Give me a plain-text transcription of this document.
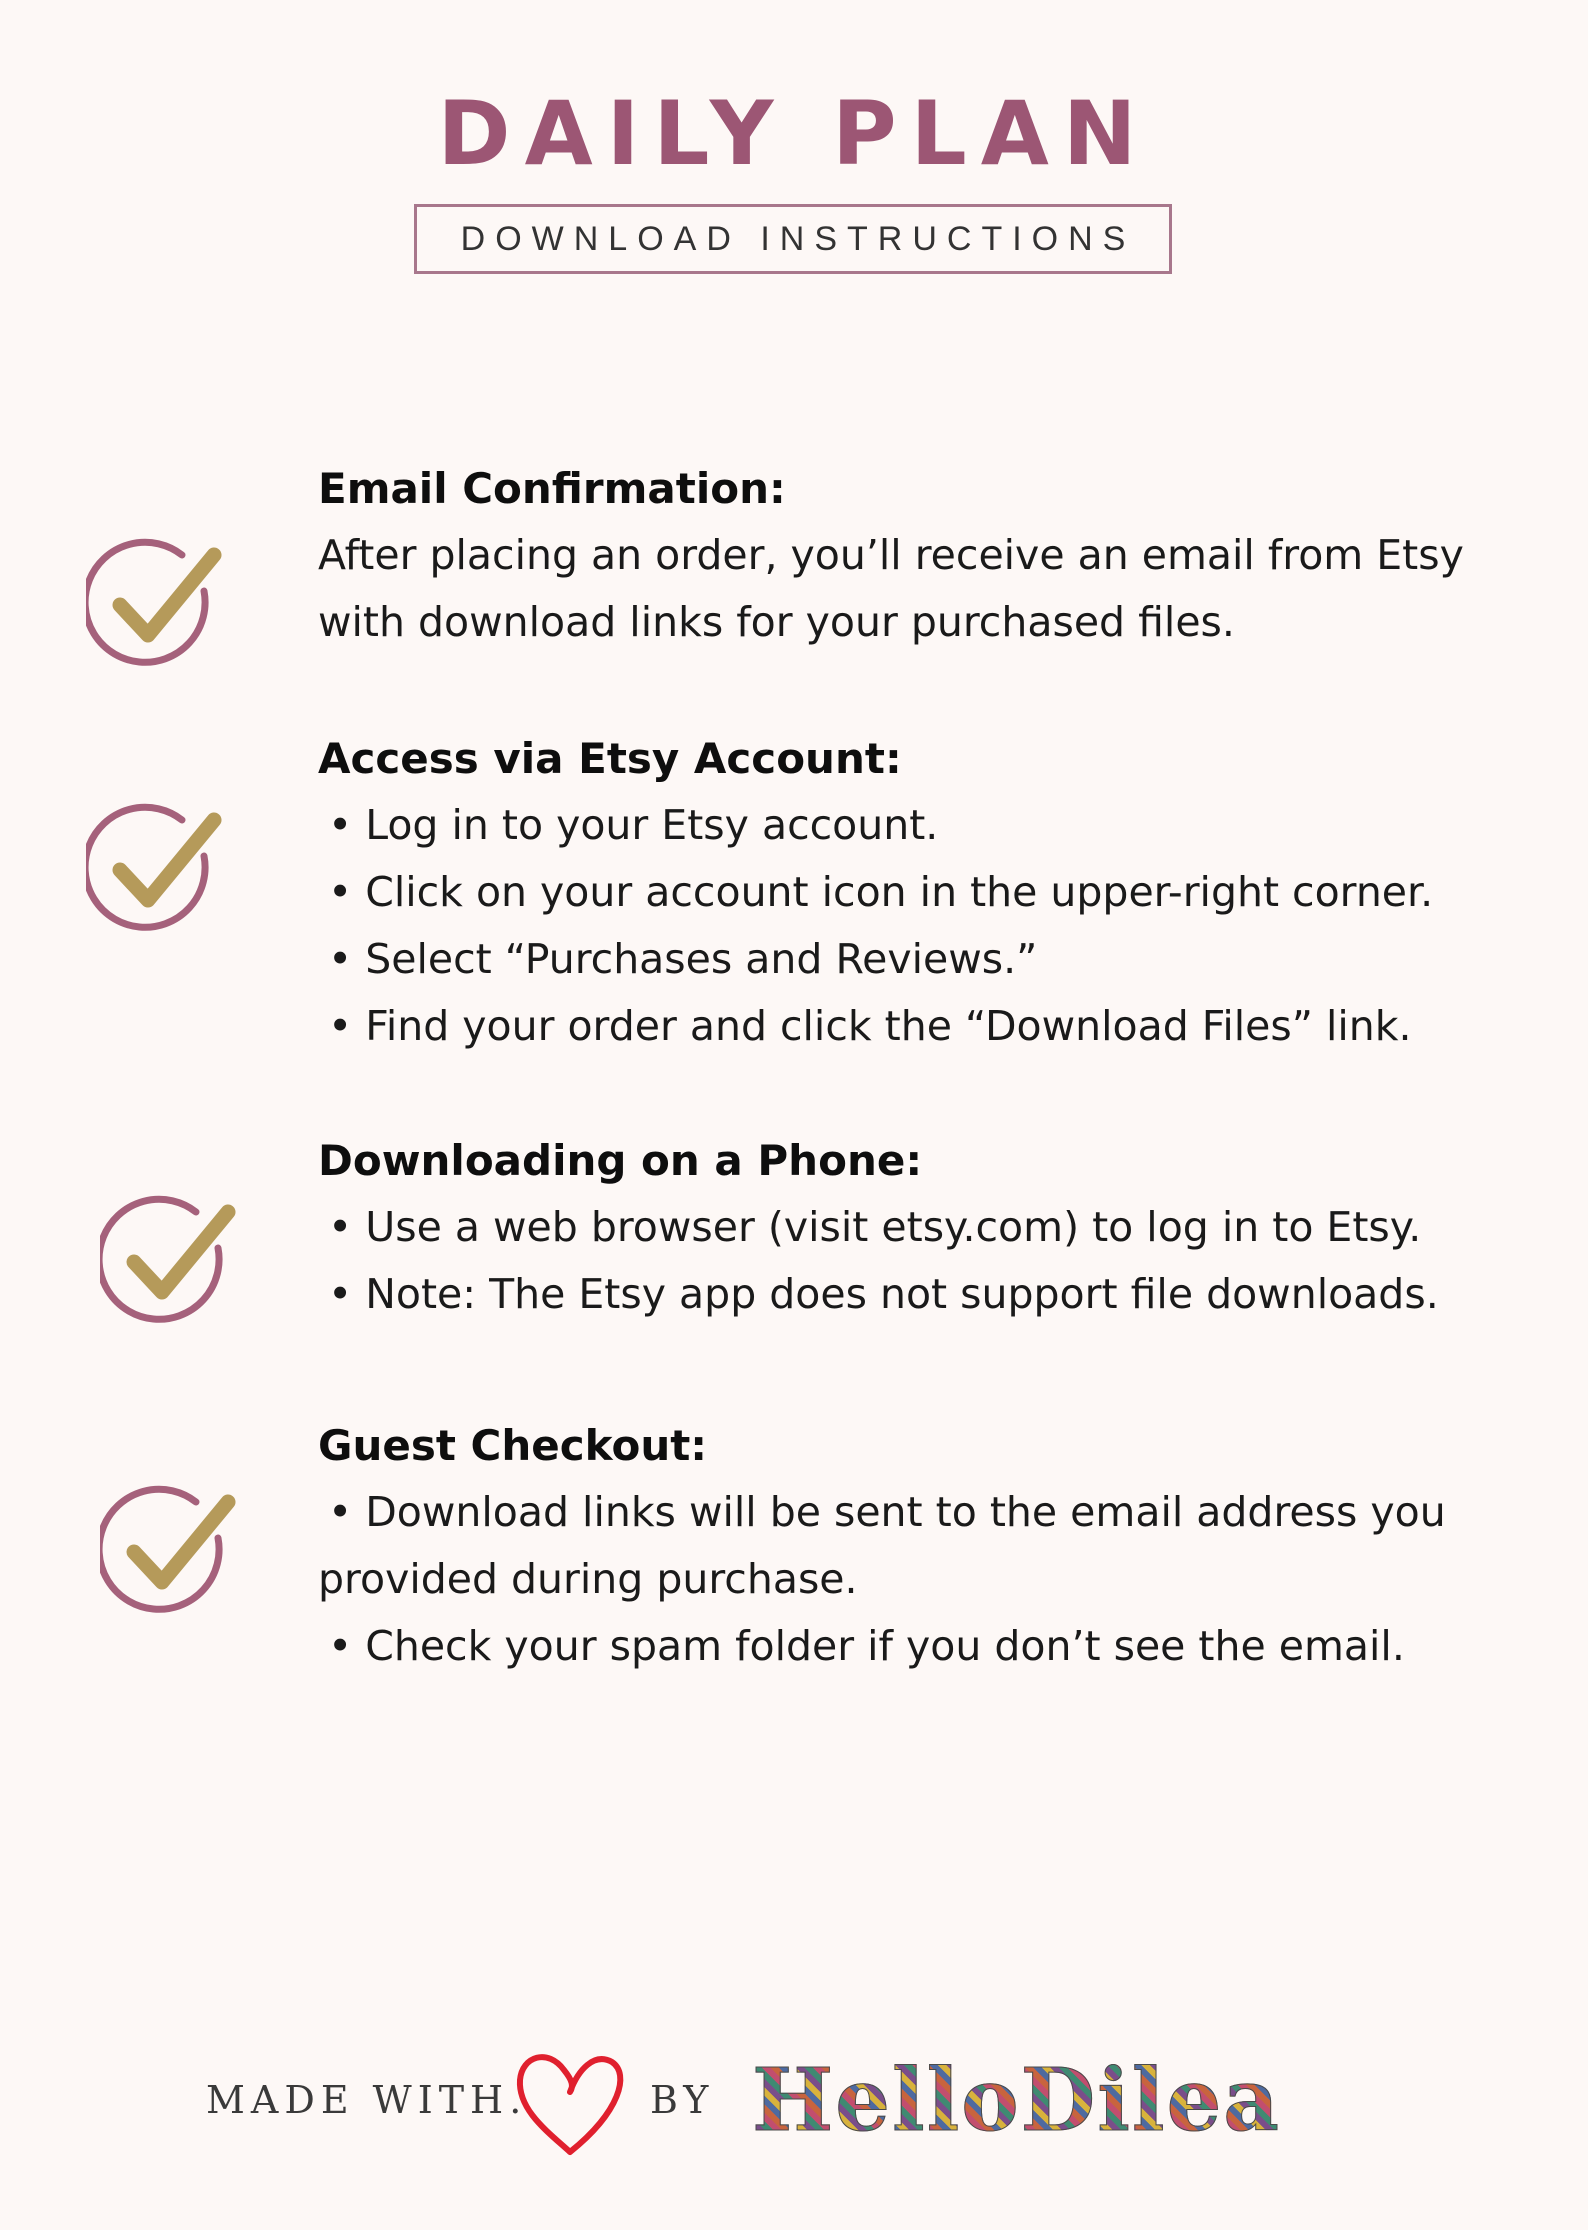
DAILY PLAN
DOWNLOAD INSTRUCTIONS

Email Confirmation:

After placing an order, you’ll receive an email from Etsy

with download links for your purchased files.

Access via Etsy Account:

• Log in to your Etsy account.

• Click on your account icon in the upper-right corner.

• Select “Purchases and Reviews.”

• Find your order and click the “Download Files” link.

Downloading on a Phone:

• Use a web browser (visit etsy.com) to log in to Etsy.

• Note: The Etsy app does not support file downloads.

Guest Checkout:

• Download links will be sent to the email address you

provided during purchase.

• Check your spam folder if you don’t see the email.

MADE WITH.	BY HelloDilea
